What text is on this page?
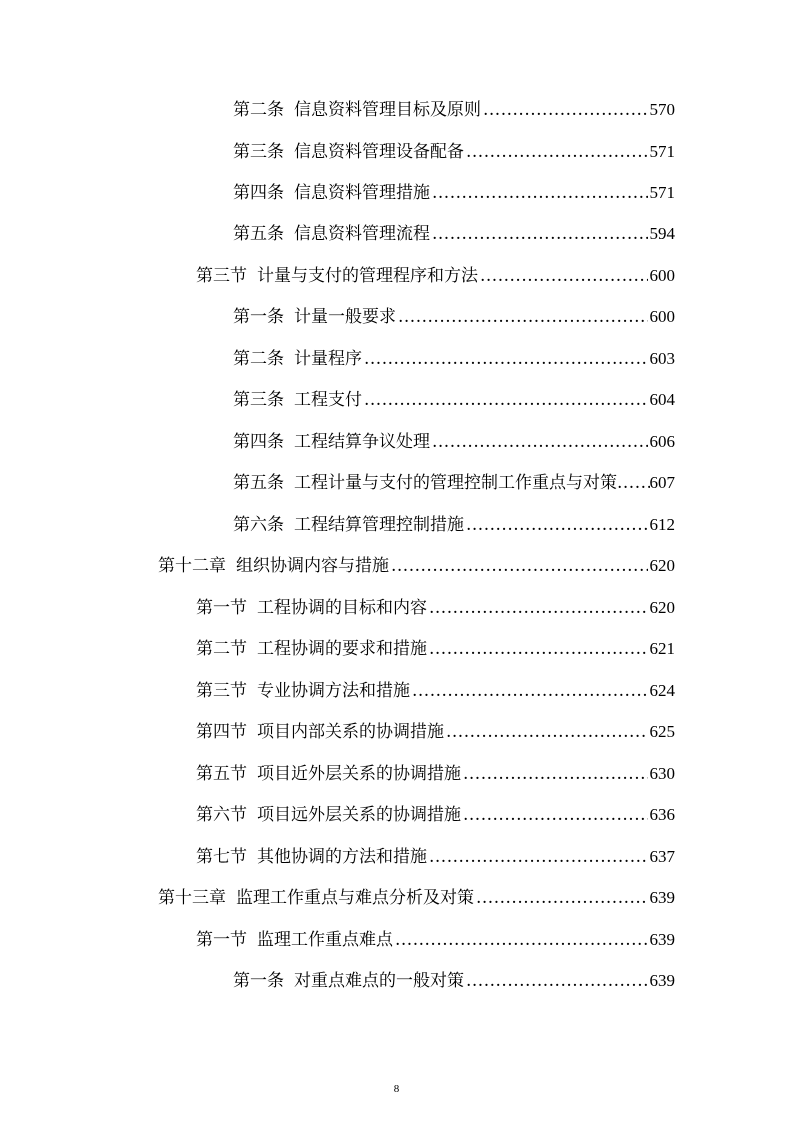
第二条 信息资料管理目标及原则 .....	570
第三条 信息资料管理设备配备 .....	571
第四条 信息资料管理措施 .....	571
第五条 信息资料管理流程 .....	594
第三节 计量与支付的管理程序和方法 .....	600
第一条 计量一般要求 .....	600
第二条 计量程序 .....	603
第三条 工程支付 .....	604
第四条 工程结算争议处理 .....	606
第五条 工程计量与支付的管理控制工作重点与对策 ..... 607
第六条 工程结算管理控制措施 .....	612
第十二章 组织协调内容与措施 .....	620
第一节 工程协调的目标和内容 .....	620
第二节 工程协调的要求和措施 .....	621
第三节 专业协调方法和措施 .....	624
第四节 项目内部关系的协调措施 .....	625
第五节 项目近外层关系的协调措施 .....	630
第六节 项目远外层关系的协调措施 .....	636
第七节 其他协调的方法和措施 .....	637
第十三章 监理工作重点与难点分析及对策 .....	639
第一节 监理工作重点难点 .....	639
第一条 对重点难点的一般对策 .....	639
8
